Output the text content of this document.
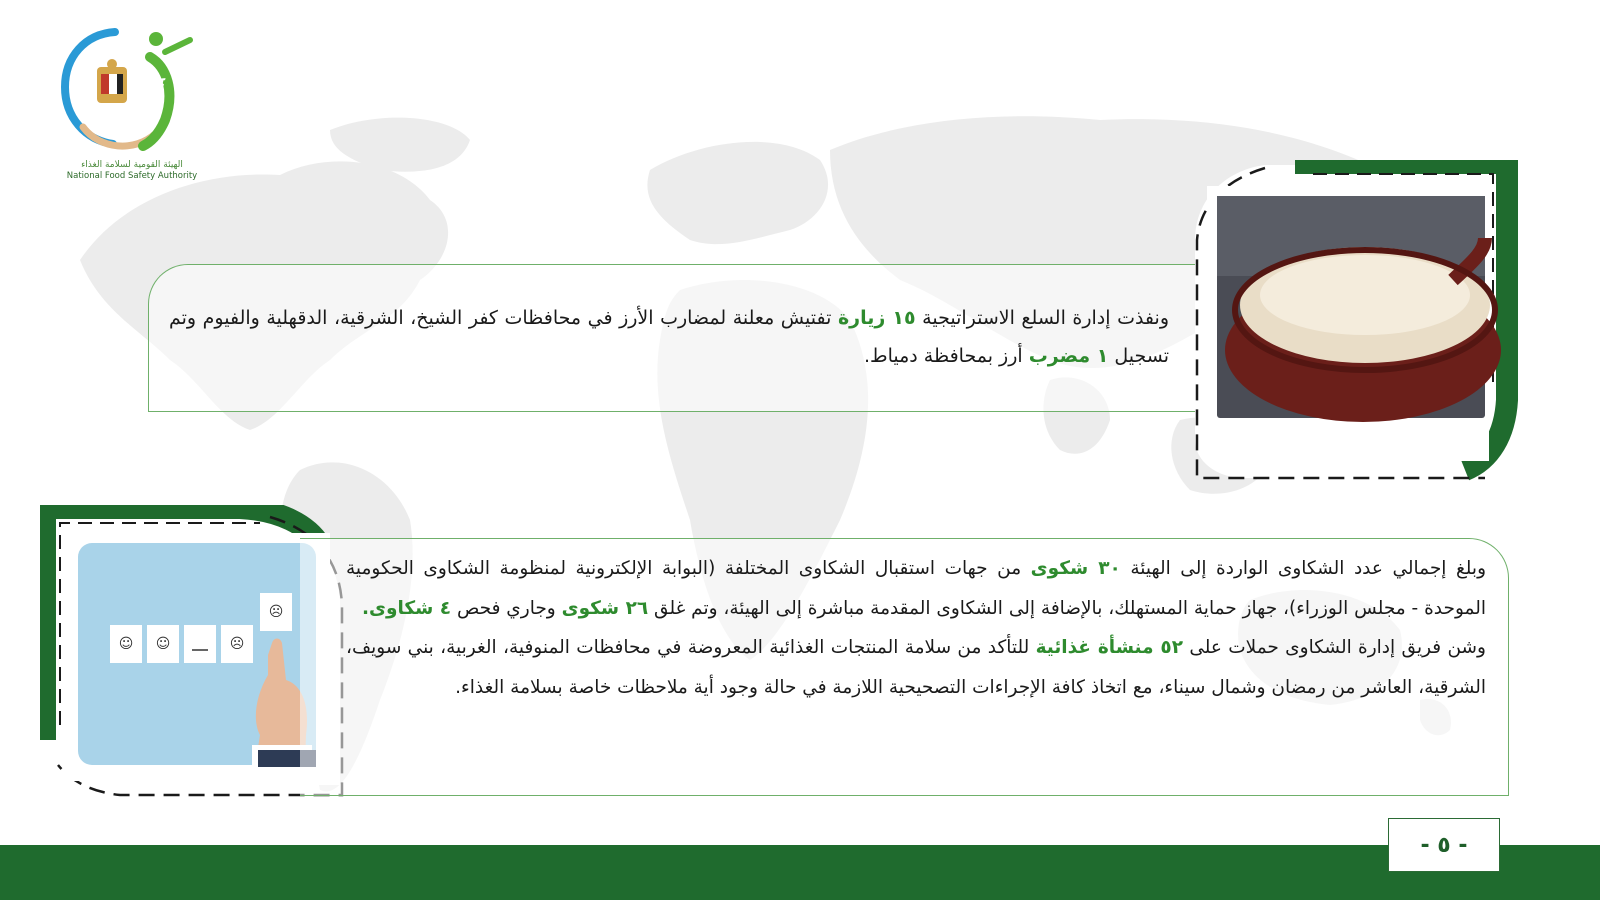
NFSA
الهيئة القومية لسلامة الغذاء
National Food Safety Authority

ونفذت إدارة السلع الاستراتيجية ١٥ زيارة تفتيش معلنة لمضارب الأرز في محافظات كفر الشيخ، الشرقية، الدقهلية والفيوم وتم تسجيل ١ مضرب أرز بمحافظة دمياط.

☺ ☺	☹
☹

وبلغ إجمالي عدد الشكاوى الواردة إلى الهيئة ٣٠ شكوى من جهات استقبال الشكاوى المختلفة (البوابة الإلكترونية لمنظومة الشكاوى الحكومية الموحدة - مجلس الوزراء)، جهاز حماية المستهلك، بالإضافة إلى الشكاوى المقدمة مباشرة إلى الهيئة، وتم غلق ٢٦ شكوى وجاري فحص ٤ شكاوى.
وشن فريق إدارة الشكاوى حملات على ٥٢ منشأة غذائية للتأكد من سلامة المنتجات الغذائية المعروضة في محافظات المنوفية، الغربية، بني سويف، الشرقية، العاشر من رمضان وشمال سيناء، مع اتخاذ كافة الإجراءات التصحيحية اللازمة في حالة وجود أية ملاحظات خاصة بسلامة الغذاء.

- ٥ -
